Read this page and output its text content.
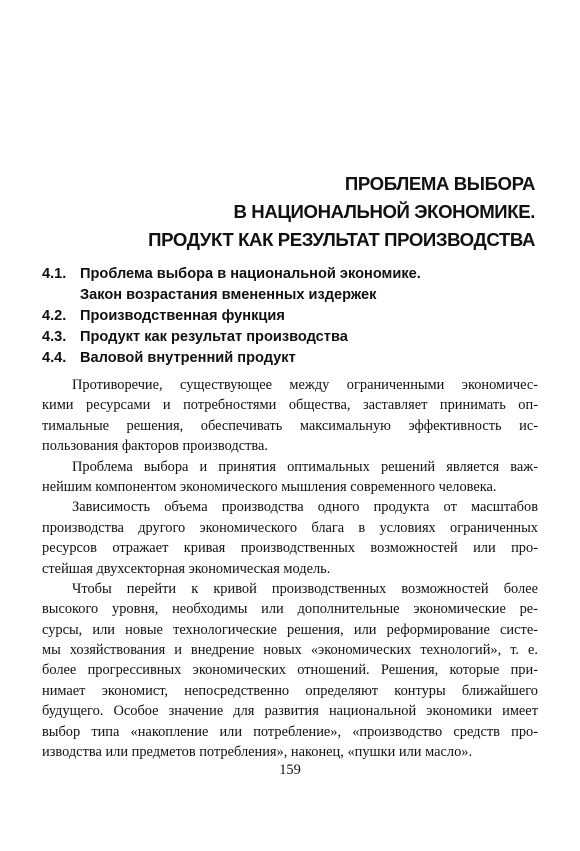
ПРОБЛЕМА ВЫБОРА
В НАЦИОНАЛЬНОЙ ЭКОНОМИКЕ.
ПРОДУКТ КАК РЕЗУЛЬТАТ ПРОИЗВОДСТВА
4.1. Проблема выбора в национальной экономике.
Закон возрастания вмененных издержек
4.2. Производственная функция
4.3. Продукт как результат производства
4.4. Валовой внутренний продукт
Противоречие, существующее между ограниченными экономичес-
кими ресурсами и потребностями общества, заставляет принимать оп-
тимальные решения, обеспечивать максимальную эффективность ис-
пользования факторов производства.
Проблема выбора и принятия оптимальных решений является важ-
нейшим компонентом экономического мышления современного человека.
Зависимость объема производства одного продукта от масштабов
производства другого экономического блага в условиях ограниченных
ресурсов отражает кривая производственных возможностей или про-
стейшая двухсекторная экономическая модель.
Чтобы перейти к кривой производственных возможностей более
высокого уровня, необходимы или дополнительные экономические ре-
сурсы, или новые технологические решения, или реформирование систе-
мы хозяйствования и внедрение новых «экономических технологий», т. е.
более прогрессивных экономических отношений. Решения, которые при-
нимает экономист, непосредственно определяют контуры ближайшего
будущего. Особое значение для развития национальной экономики имеет
выбор типа «накопление или потребление», «производство средств про-
изводства или предметов потребления», наконец, «пушки или масло».
159
